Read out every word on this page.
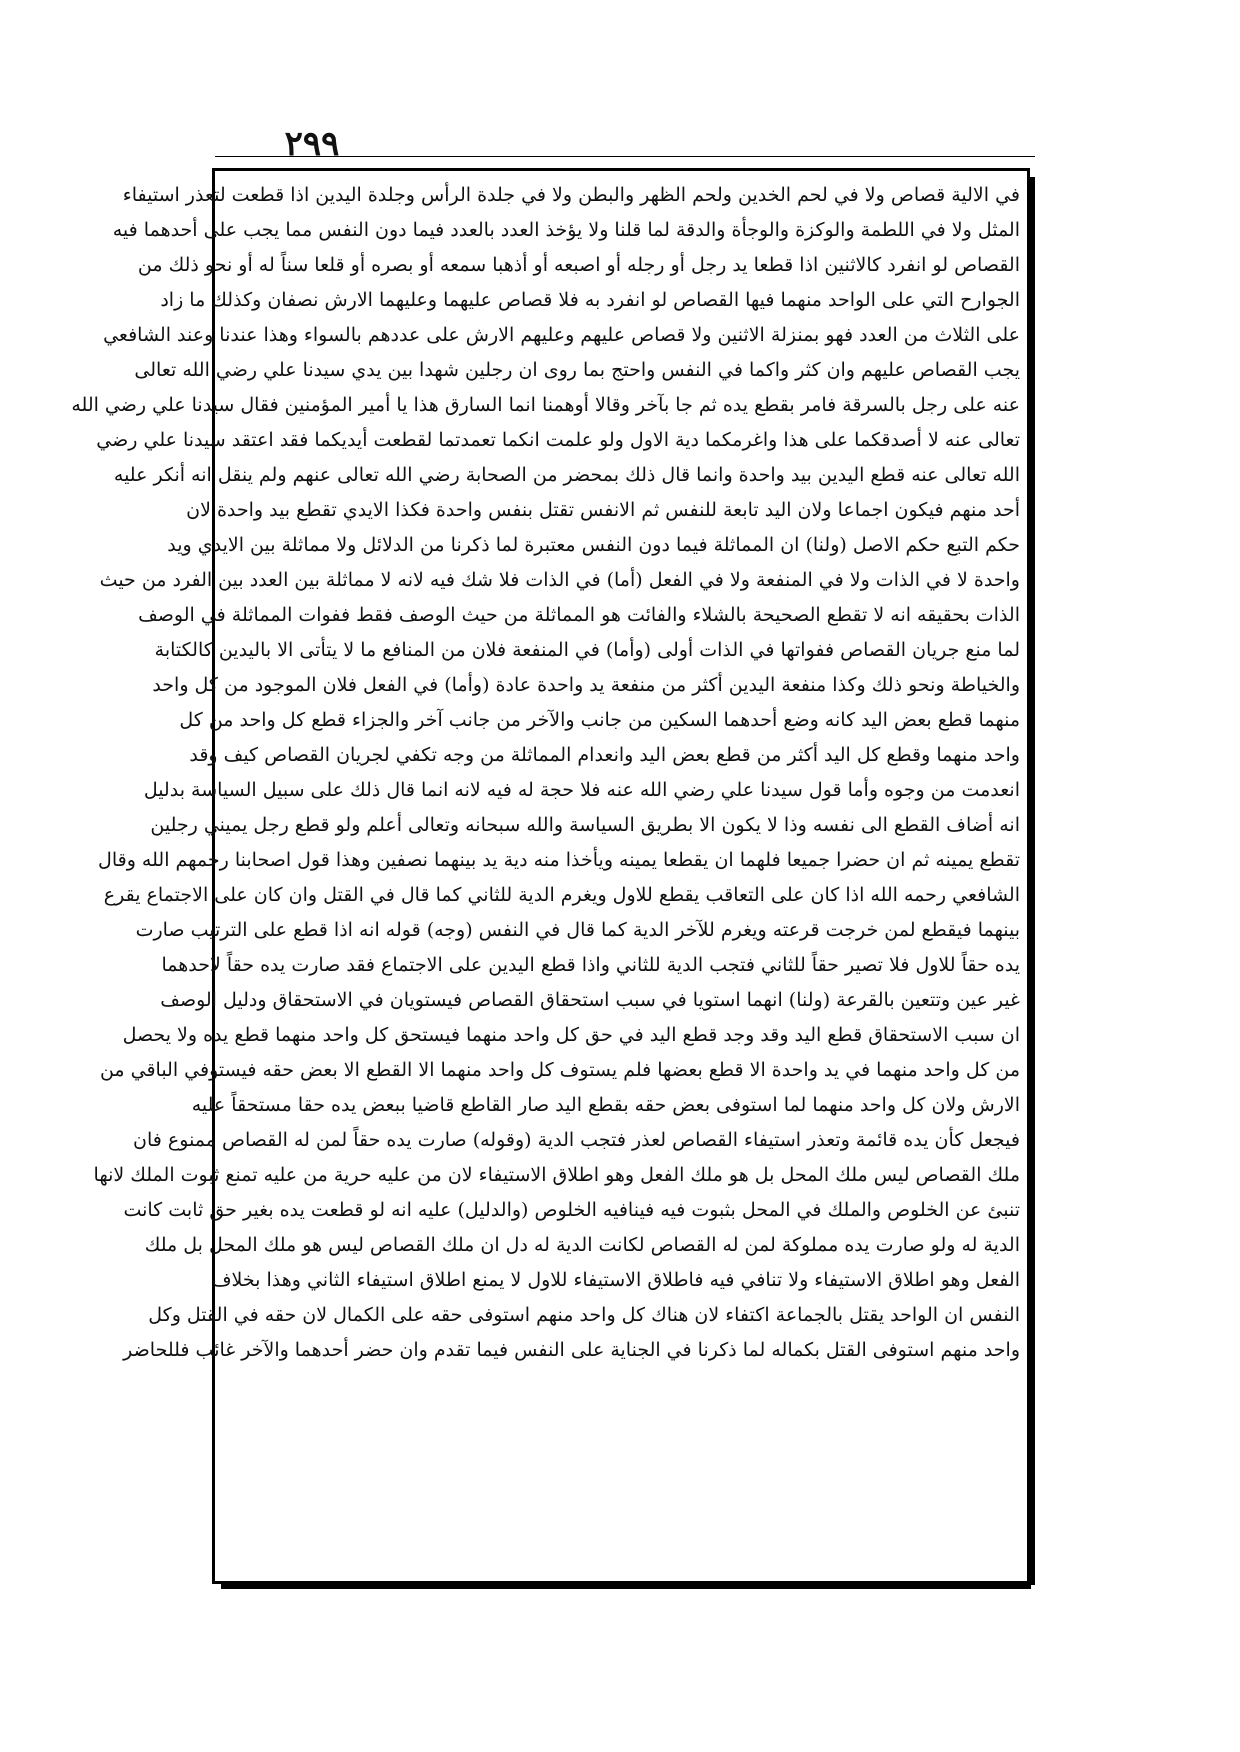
٢٩٩

في الالية قصاص ولا في لحم الخدين ولحم الظهر والبطن ولا في جلدة الرأس وجلدة اليدين اذا قطعت لتعذر استيفاء

المثل ولا في اللطمة والوكزة والوجأة والدقة لما قلنا ولا يؤخذ العدد بالعدد فيما دون النفس مما يجب على أحدهما فيه

القصاص لو انفرد كالاثنين اذا قطعا يد رجل أو رجله أو اصبعه أو أذهبا سمعه أو بصره أو قلعا سناً له أو نحو ذلك من

الجوارح التي على الواحد منهما فيها القصاص لو انفرد به فلا قصاص عليهما وعليهما الارش نصفان وكذلك ما زاد

على الثلاث من العدد فهو بمنزلة الاثنين ولا قصاص عليهم وعليهم الارش على عددهم بالسواء وهذا عندنا وعند الشافعي

يجب القصاص عليهم وان كثر واكما في النفس واحتج بما روى ان رجلين شهدا بين يدي سيدنا علي رضي الله تعالى

عنه على رجل بالسرقة فامر بقطع يده ثم جا بآخر وقالا أوهمنا انما السارق هذا يا أمير المؤمنين فقال سيدنا علي رضي الله

تعالى عنه لا أصدقكما على هذا واغرمكما دية الاول ولو علمت انكما تعمدتما لقطعت أيديكما فقد اعتقد سيدنا علي رضي

الله تعالى عنه قطع اليدين بيد واحدة وانما قال ذلك بمحضر من الصحابة رضي الله تعالى عنهم ولم ينقل انه أنكر عليه

أحد منهم فيكون اجماعا ولان اليد تابعة للنفس ثم الانفس تقتل بنفس واحدة فكذا الايدي تقطع بيد واحدة لان

حكم التبع حكم الاصل (ولنا) ان المماثلة فيما دون النفس معتبرة لما ذكرنا من الدلائل ولا مماثلة بين الايدي ويد

واحدة لا في الذات ولا في المنفعة ولا في الفعل (أما) في الذات فلا شك فيه لانه لا مماثلة بين العدد بين الفرد من حيث

الذات بحقيقه انه لا تقطع الصحيحة بالشلاء والفائت هو المماثلة من حيث الوصف فقط ففوات المماثلة في الوصف

لما منع جريان القصاص ففواتها في الذات أولى (وأما) في المنفعة فلان من المنافع ما لا يتأتى الا باليدين كالكتابة

والخياطة ونحو ذلك وكذا منفعة اليدين أكثر من منفعة يد واحدة عادة (وأما) في الفعل فلان الموجود من كل واحد

منهما قطع بعض اليد كانه وضع أحدهما السكين من جانب والآخر من جانب آخر والجزاء قطع كل واحد من كل

واحد منهما وقطع كل اليد أكثر من قطع بعض اليد وانعدام المماثلة من وجه تكفي لجريان القصاص كيف وقد

انعدمت من وجوه وأما قول سيدنا علي رضي الله عنه فلا حجة له فيه لانه انما قال ذلك على سبيل السياسة بدليل

انه أضاف القطع الى نفسه وذا لا يكون الا بطريق السياسة والله سبحانه وتعالى أعلم ولو قطع رجل يميني رجلين

تقطع يمينه ثم ان حضرا جميعا فلهما ان يقطعا يمينه ويأخذا منه دية يد بينهما نصفين وهذا قول اصحابنا رحمهم الله وقال

الشافعي رحمه الله اذا كان على التعاقب يقطع للاول ويغرم الدية للثاني كما قال في القتل وان كان على الاجتماع يقرع

بينهما فيقطع لمن خرجت قرعته ويغرم للآخر الدية كما قال في النفس (وجه) قوله انه اذا قطع على الترتيب صارت

يده حقاً للاول فلا تصير حقاً للثاني فتجب الدية للثاني واذا قطع اليدين على الاجتماع فقد صارت يده حقاً لاحدهما

غير عين وتتعين بالقرعة (ولنا) انهما استويا في سبب استحقاق القصاص فيستويان في الاستحقاق ودليل الوصف

ان سبب الاستحقاق قطع اليد وقد وجد قطع اليد في حق كل واحد منهما فيستحق كل واحد منهما قطع يده ولا يحصل

من كل واحد منهما في يد واحدة الا قطع بعضها فلم يستوف كل واحد منهما الا القطع الا بعض حقه فيستوفي الباقي من

الارش ولان كل واحد منهما لما استوفى بعض حقه بقطع اليد صار القاطع قاضيا ببعض يده حقا مستحقاً عليه

فيجعل كأن يده قائمة وتعذر استيفاء القصاص لعذر فتجب الدية (وقوله) صارت يده حقاً لمن له القصاص ممنوع فان

ملك القصاص ليس ملك المحل بل هو ملك الفعل وهو اطلاق الاستيفاء لان من عليه حرية من عليه تمنع ثبوت الملك لانها

تنبئ عن الخلوص والملك في المحل بثبوت فيه فينافيه الخلوص (والدليل) عليه انه لو قطعت يده بغير حق ثابت كانت

الدية له ولو صارت يده مملوكة لمن له القصاص لكانت الدية له دل ان ملك القصاص ليس هو ملك المحل بل ملك

الفعل وهو اطلاق الاستيفاء ولا تنافي فيه فاطلاق الاستيفاء للاول لا يمنع اطلاق استيفاء الثاني وهذا بخلاف

النفس ان الواحد يقتل بالجماعة اكتفاء لان هناك كل واحد منهم استوفى حقه على الكمال لان حقه في القتل وكل

واحد منهم استوفى القتل بكماله لما ذكرنا في الجناية على النفس فيما تقدم وان حضر أحدهما والآخر غائب فللحاضر
